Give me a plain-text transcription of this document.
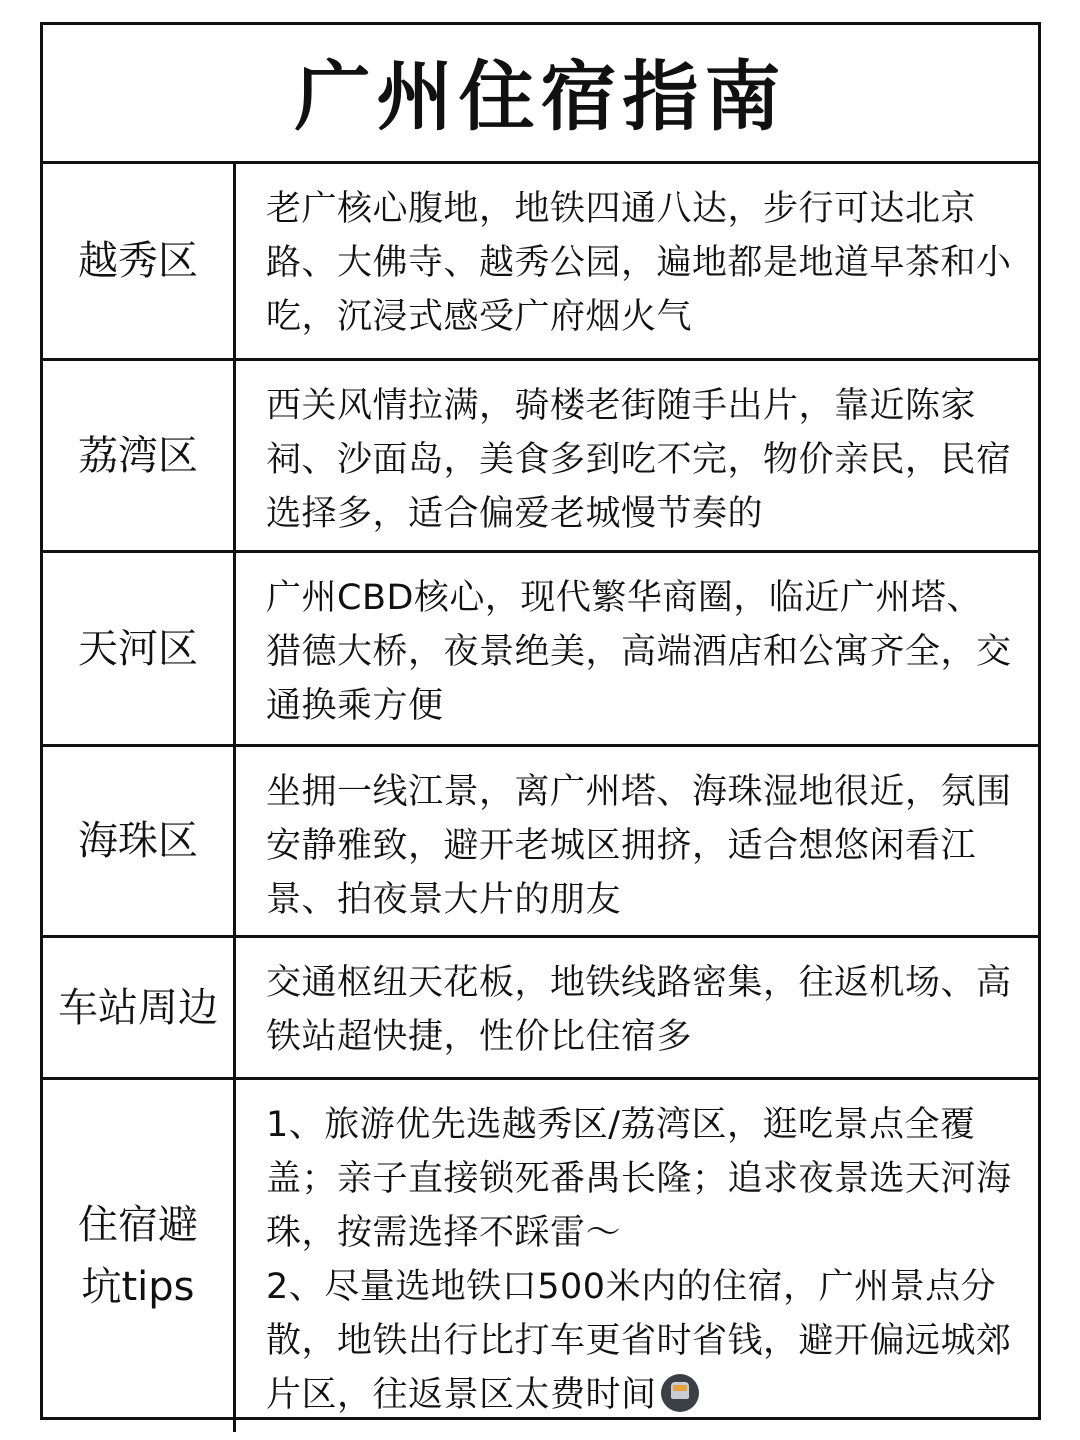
广州住宿指南
越秀区
老广核心腹地，地铁四通八达，步行可达北京路、大佛寺、越秀公园，遍地都是地道早茶和小吃，沉浸式感受广府烟火气
荔湾区
西关风情拉满，骑楼老街随手出片，靠近陈家祠、沙面岛，美食多到吃不完，物价亲民，民宿选择多，适合偏爱老城慢节奏的
天河区
广州CBD核心，现代繁华商圈，临近广州塔、猎德大桥，夜景绝美，高端酒店和公寓齐全，交通换乘方便
海珠区
坐拥一线江景，离广州塔、海珠湿地很近，氛围安静雅致，避开老城区拥挤，适合想悠闲看江景、拍夜景大片的朋友
车站周边
交通枢纽天花板，地铁线路密集，往返机场、高铁站超快捷，性价比住宿多
住宿避
坑tips

1、旅游优先选越秀区/荔湾区，逛吃景点全覆盖；亲子直接锁死番禺长隆；追求夜景选天河海珠，按需选择不踩雷～

2、尽量选地铁口500米内的住宿，广州景点分散，地铁出行比打车更省时省钱，避开偏远城郊片区，往返景区太费时间
